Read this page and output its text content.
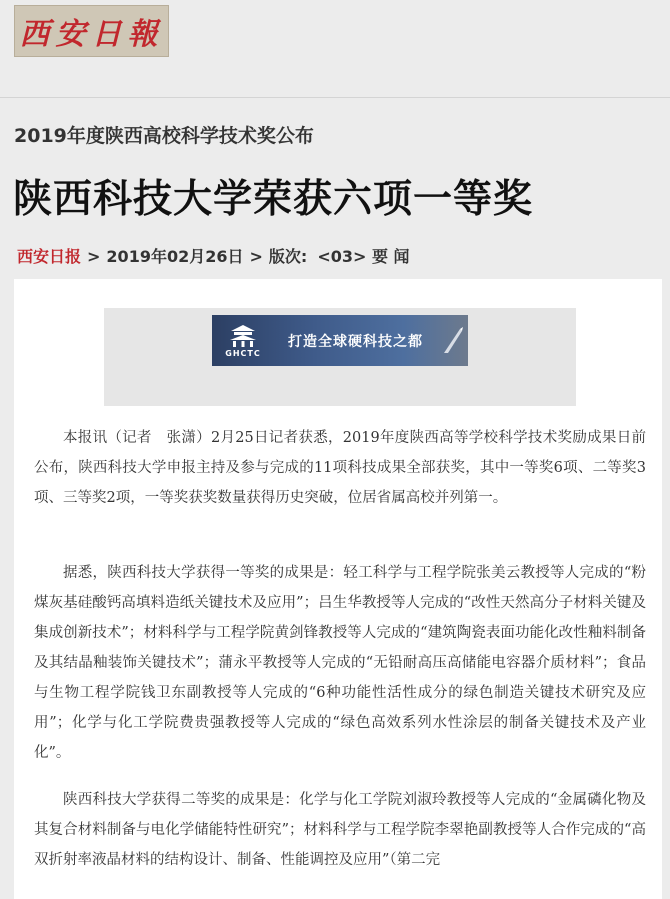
西安日報
2019年度陕西高校科学技术奖公布
陕西科技大学荣获六项一等奖
西安日报 > 2019年02月26日 > 版次: <03> 要 闻
GHCTC
打造全球硬科技之都

本报讯（记者　张潇）2月25日记者获悉，2019年度陕西高等学校科学技术奖励成果日前公布，陕西科技大学申报主持及参与完成的11项科技成果全部获奖，其中一等奖6项、二等奖3项、三等奖2项，一等奖获奖数量获得历史突破，位居省属高校并列第一。

据悉，陕西科技大学获得一等奖的成果是：轻工科学与工程学院张美云教授等人完成的“粉煤灰基硅酸钙高填料造纸关键技术及应用”；吕生华教授等人完成的“改性天然高分子材料关键及集成创新技术”；材料科学与工程学院黄剑锋教授等人完成的“建筑陶瓷表面功能化改性釉料制备及其结晶釉装饰关键技术”；蒲永平教授等人完成的“无铅耐高压高储能电容器介质材料”；食品与生物工程学院钱卫东副教授等人完成的“6种功能性活性成分的绿色制造关键技术研究及应用”；化学与化工学院费贵强教授等人完成的“绿色高效系列水性涂层的制备关键技术及产业化”。

陕西科技大学获得二等奖的成果是：化学与化工学院刘淑玲教授等人完成的“金属磷化物及其复合材料制备与电化学储能特性研究”；材料科学与工程学院李翠艳副教授等人合作完成的“高双折射率液晶材料的结构设计、制备、性能调控及应用”（第二完
